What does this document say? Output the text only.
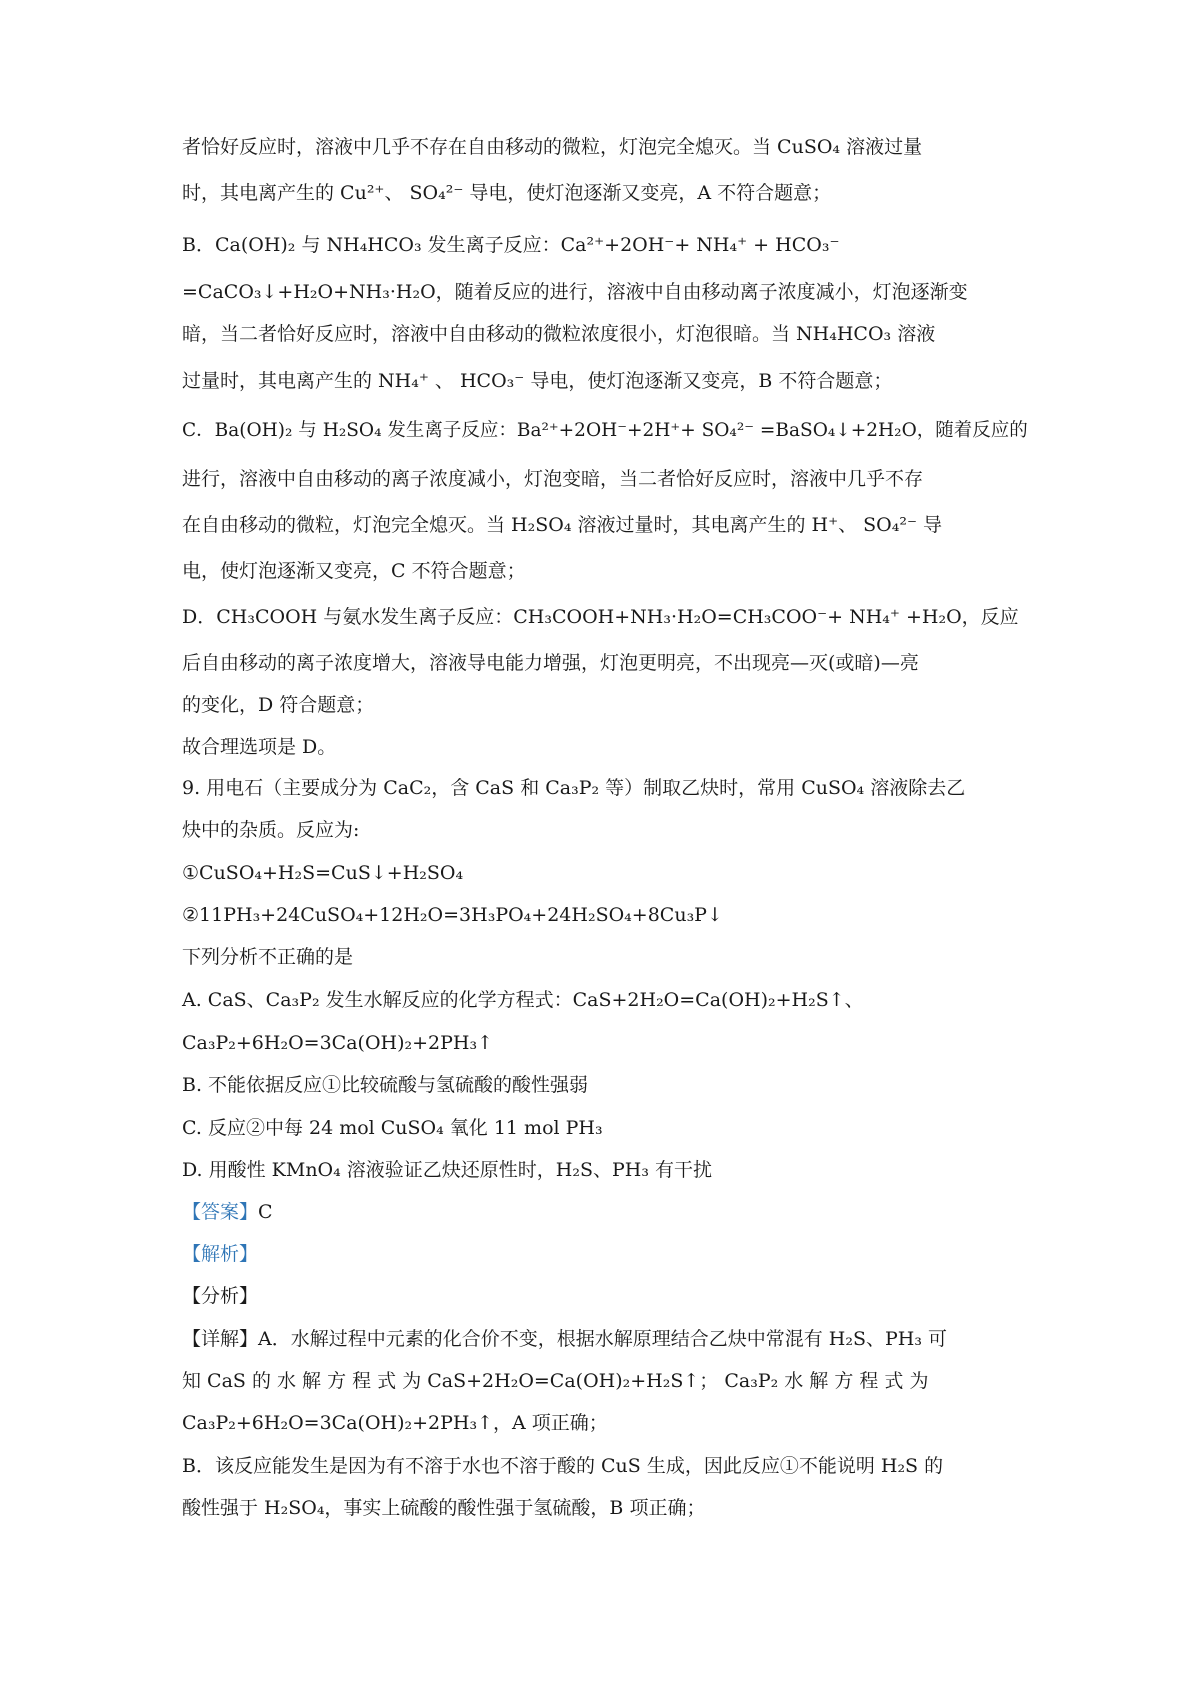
者恰好反应时，溶液中几乎不存在自由移动的微粒，灯泡完全熄灭。当 CuSO₄ 溶液过量
时，其电离产生的 Cu²⁺、 SO₄²⁻ 导电，使灯泡逐渐又变亮，A 不符合题意；
B．Ca(OH)₂ 与 NH₄HCO₃ 发生离子反应：Ca²⁺+2OH⁻+ NH₄⁺ + HCO₃⁻
=CaCO₃↓+H₂O+NH₃·H₂O，随着反应的进行，溶液中自由移动离子浓度减小，灯泡逐渐变
暗，当二者恰好反应时，溶液中自由移动的微粒浓度很小，灯泡很暗。当 NH₄HCO₃ 溶液
过量时，其电离产生的 NH₄⁺ 、 HCO₃⁻ 导电，使灯泡逐渐又变亮，B 不符合题意；
C．Ba(OH)₂ 与 H₂SO₄ 发生离子反应：Ba²⁺+2OH⁻+2H⁺+ SO₄²⁻ =BaSO₄↓+2H₂O，随着反应的
进行，溶液中自由移动的离子浓度减小，灯泡变暗，当二者恰好反应时，溶液中几乎不存
在自由移动的微粒，灯泡完全熄灭。当 H₂SO₄ 溶液过量时，其电离产生的 H⁺、 SO₄²⁻ 导
电，使灯泡逐渐又变亮，C 不符合题意；
D．CH₃COOH 与氨水发生离子反应：CH₃COOH+NH₃·H₂O=CH₃COO⁻+ NH₄⁺ +H₂O，反应
后自由移动的离子浓度增大，溶液导电能力增强，灯泡更明亮，不出现亮—灭(或暗)—亮
的变化，D 符合题意；
故合理选项是 D。
9. 用电石（主要成分为 CaC₂，含 CaS 和 Ca₃P₂ 等）制取乙炔时，常用 CuSO₄ 溶液除去乙
炔中的杂质。反应为:
①CuSO₄+H₂S=CuS↓+H₂SO₄
②11PH₃+24CuSO₄+12H₂O=3H₃PO₄+24H₂SO₄+8Cu₃P↓
下列分析不正确的是
A. CaS、Ca₃P₂ 发生水解反应的化学方程式：CaS+2H₂O=Ca(OH)₂+H₂S↑、
Ca₃P₂+6H₂O=3Ca(OH)₂+2PH₃↑
B. 不能依据反应①比较硫酸与氢硫酸的酸性强弱
C. 反应②中每 24 mol CuSO₄ 氧化 11 mol PH₃
D. 用酸性 KMnO₄ 溶液验证乙炔还原性时，H₂S、PH₃ 有干扰
【答案】C
【解析】
【分析】
【详解】A．水解过程中元素的化合价不变，根据水解原理结合乙炔中常混有 H₂S、PH₃ 可
知 CaS 的 水 解 方 程 式 为 CaS+2H₂O=Ca(OH)₂+H₂S↑； Ca₃P₂ 水 解 方 程 式 为
Ca₃P₂+6H₂O=3Ca(OH)₂+2PH₃↑，A 项正确；
B．该反应能发生是因为有不溶于水也不溶于酸的 CuS 生成，因此反应①不能说明 H₂S 的
酸性强于 H₂SO₄，事实上硫酸的酸性强于氢硫酸，B 项正确；
